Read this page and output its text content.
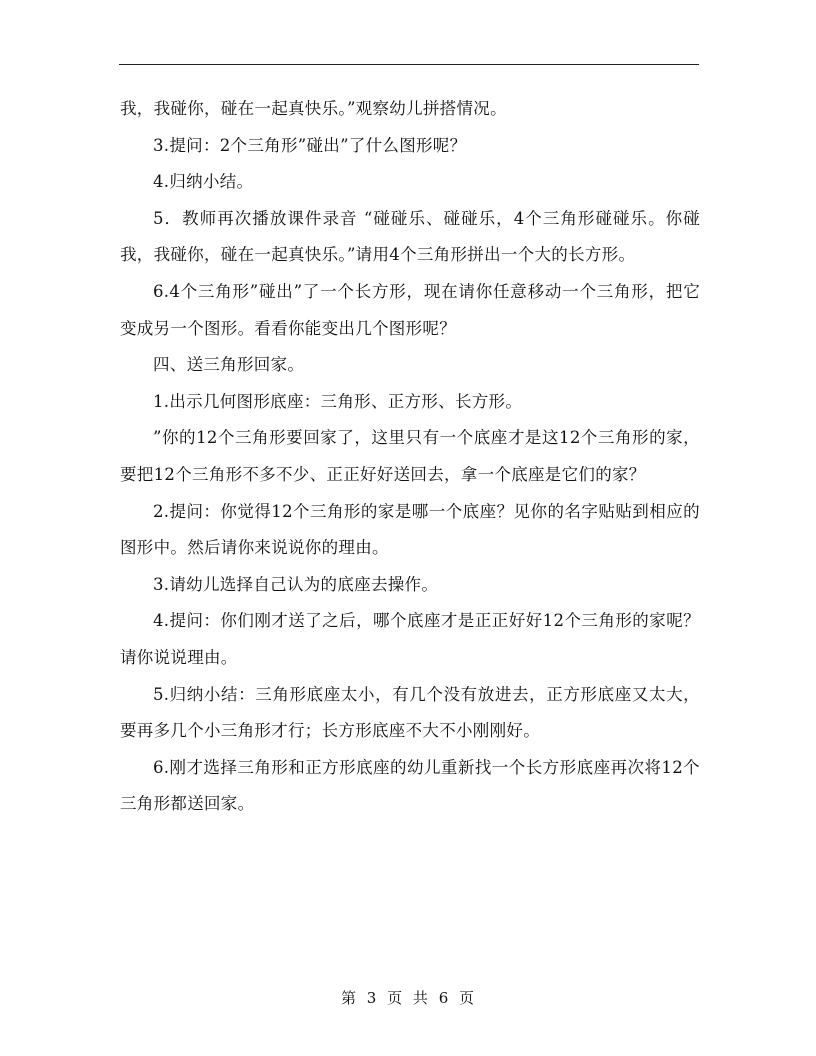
我，我碰你，碰在一起真快乐。”观察幼儿拼搭情况。

3.提问：2个三角形”碰出”了什么图形呢？

4.归纳小结。

5．教师再次播放课件录音 “碰碰乐、碰碰乐，4个三角形碰碰乐。你碰我，我碰你，碰在一起真快乐。”请用4个三角形拼出一个大的长方形。

6.4个三角形”碰出”了一个长方形，现在请你任意移动一个三角形，把它变成另一个图形。看看你能变出几个图形呢？

四、送三角形回家。

1.出示几何图形底座：三角形、正方形、长方形。

”你的12个三角形要回家了，这里只有一个底座才是这12个三角形的家，要把12个三角形不多不少、正正好好送回去，拿一个底座是它们的家？

2.提问：你觉得12个三角形的家是哪一个底座？见你的名字贴贴到相应的图形中。然后请你来说说你的理由。

3.请幼儿选择自己认为的底座去操作。

4.提问：你们刚才送了之后，哪个底座才是正正好好12个三角形的家呢？请你说说理由。

5.归纳小结：三角形底座太小，有几个没有放进去，正方形底座又太大，要再多几个小三角形才行；长方形底座不大不小刚刚好。

6.刚才选择三角形和正方形底座的幼儿重新找一个长方形底座再次将12个三角形都送回家。

第 3 页 共 6 页
